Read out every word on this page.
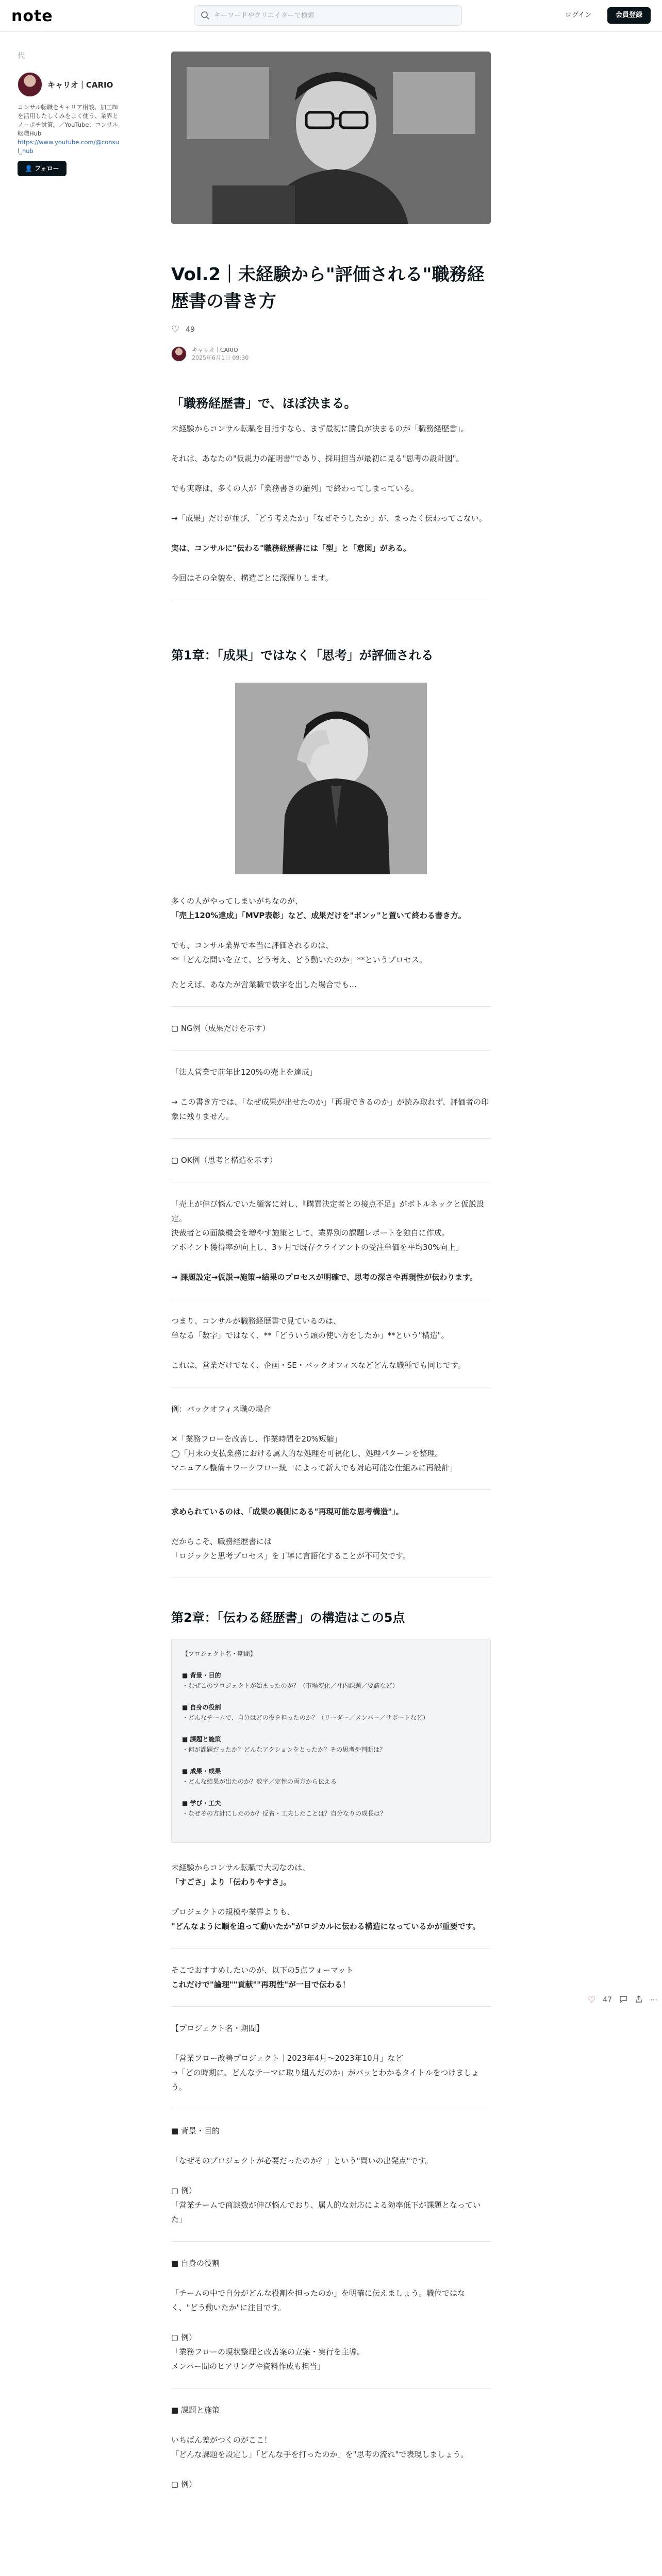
note
キーワードやクリエイターで検索	ログイン	会員登録
代
キャリオ｜CARIO
コンサル転職をキャリア相談、加工BIを活用したしくみをよく使う、業界とノーボチ対策。／YouTube：コンサル転職Hub
https://www.youtube.com/@consul_hub
👤 フォロー
Vol.2｜未経験から"評価される"職務経歴書の書き方
♡ 49
キャリオ｜CARIO
2025年6月1日 09:30
「職務経歴書」で、ほぼ決まる。
未経験からコンサル転職を目指すなら、まず最初に勝負が決まるのが「職務経歴書」。
それは、あなたの"仮説力の証明書"であり、採用担当が最初に見る"思考の設計図"。
でも実際は、多くの人が「業務書きの羅列」で終わってしまっている。
→「成果」だけが並び、「どう考えたか」「なぜそうしたか」が、まったく伝わってこない。
実は、コンサルに"伝わる"職務経歴書には「型」と「意図」がある。
今回はその全貌を、構造ごとに深掘りします。
第1章：「成果」ではなく「思考」が評価される
多くの人がやってしまいがちなのが、
「売上120%達成」「MVP表彰」など、成果だけを"ポンッ"と置いて終わる書き方。
でも、コンサル業界で本当に評価されるのは、
**「どんな問いを立て、どう考え、どう動いたのか」**というプロセス。
たとえば、あなたが営業職で数字を出した場合でも…
▢ NG例（成果だけを示す）
「法人営業で前年比120%の売上を達成」
→ この書き方では、「なぜ成果が出せたのか」「再現できるのか」が読み取れず、評価者の印象に残りません。
▢ OK例（思考と構造を示す）
「売上が伸び悩んでいた顧客に対し、『購買決定者との接点不足』がボトルネックと仮説設定。
決裁者との面談機会を増やす施策として、業界別の課題レポートを独自に作成。
アポイント獲得率が向上し、3ヶ月で既存クライアントの受注単価を平均30%向上」
→ 課題設定→仮説→施策→結果のプロセスが明確で、思考の深さや再現性が伝わります。
つまり、コンサルが職務経歴書で見ているのは、
単なる「数字」ではなく、**「どういう頭の使い方をしたか」**という"構造"。
これは、営業だけでなく、企画・SE・バックオフィスなどどんな職種でも同じです。
例：バックオフィス職の場合
✕「業務フローを改善し、作業時間を20%短縮」
◯「月末の支払業務における属人的な処理を可視化し、処理パターンを整理。
マニュアル整備＋ワークフロー統一によって新人でも対応可能な仕組みに再設計」
求められているのは、「成果の裏側にある"再現可能な思考構造"」。
だからこそ、職務経歴書には
「ロジックと思考プロセス」を丁寧に言語化することが不可欠です。
第2章：「伝わる経歴書」の構造はこの5点
【プロジェクト名・期間】
■ 背景・目的
・なぜこのプロジェクトが始まったのか？（市場変化／社内課題／要請など）
■ 自身の役割
・どんなチームで、自分はどの役を担ったのか？（リーダー／メンバー／サポートなど）
■ 課題と施策
・何が課題だったか？どんなアクションをとったか？その思考や判断は？
■ 成果・成果
・どんな結果が出たのか？数字／定性の両方から伝える
■ 学び・工夫
・なぜその方針にしたのか？反省・工夫したことは？自分なりの成長は？
未経験からコンサル転職で大切なのは、
「すごさ」より「伝わりやすさ」。
プロジェクトの規模や業界よりも、
"どんなように順を追って動いたか"がロジカルに伝わる構造になっているかが重要です。
そこでおすすめしたいのが、以下の5点フォーマット
これだけで"論理""貢献""再現性"が一目で伝わる！
【プロジェクト名・期間】
「営業フロー改善プロジェクト｜2023年4月〜2023年10月」など
→「どの時期に、どんなテーマに取り組んだのか」がパッとわかるタイトルをつけましょう。
■ 背景・目的
「なぜそのプロジェクトが必要だったのか？」という"問いの出発点"です。
▢ 例）
「営業チームで商談数が伸び悩んでおり、属人的な対応による効率低下が課題となっていた」
■ 自身の役割
「チームの中で自分がどんな役割を担ったのか」を明確に伝えましょう。職位ではなく、"どう動いたか"に注目です。
▢ 例）
「業務フローの現状整理と改善案の立案・実行を主導。
メンバー間のヒアリングや資料作成も担当」
■ 課題と施策
いちばん差がつくのがここ！
「どんな課題を設定し」「どんな手を打ったのか」を"思考の流れ"で表現しましょう。
▢ 例）
♡ 47	⋯
